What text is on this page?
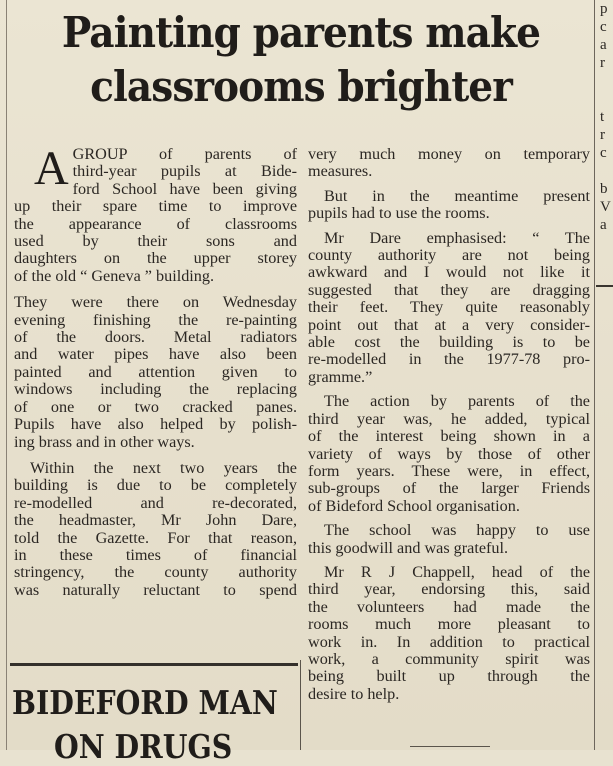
Painting parents make
classrooms brighter
A GROUP of parents of
third-year pupils at Bide-
ford School have been giving
up their spare time to improve
the appearance of classrooms
used by their sons and
daughters on the upper storey
of the old “ Geneva ” building.
They were there on Wednesday
evening finishing the re-painting
of the doors. Metal radiators
and water pipes have also been
painted and attention given to
windows including the replacing
of one or two cracked panes.
Pupils have also helped by polish-
ing brass and in other ways.
Within the next two years the
building is due to be completely
re-modelled and re-decorated,
the headmaster, Mr John Dare,
told the Gazette. For that reason,
in these times of financial
stringency, the county authority
was naturally reluctant to spend
very much money on temporary
measures.
But in the meantime present
pupils had to use the rooms.
Mr Dare emphasised: “ The
county authority are not being
awkward and I would not like it
suggested that they are dragging
their feet. They quite reasonably
point out that at a very consider-
able cost the building is to be
re-modelled in the 1977-78 pro-
gramme.”
The action by parents of the
third year was, he added, typical
of the interest being shown in a
variety of ways by those of other
form years. These were, in effect,
sub-groups of the larger Friends
of Bideford School organisation.
The school was happy to use
this goodwill and was grateful.
Mr R J Chappell, head of the
third year, endorsing this, said
the volunteers had made the
rooms much more pleasant to
work in. In addition to practical
work, a community spirit was
being built up through the
desire to help.
BIDEFORD MAN
ON DRUGS
p
c
a
r

t
r
c

b
V
a
